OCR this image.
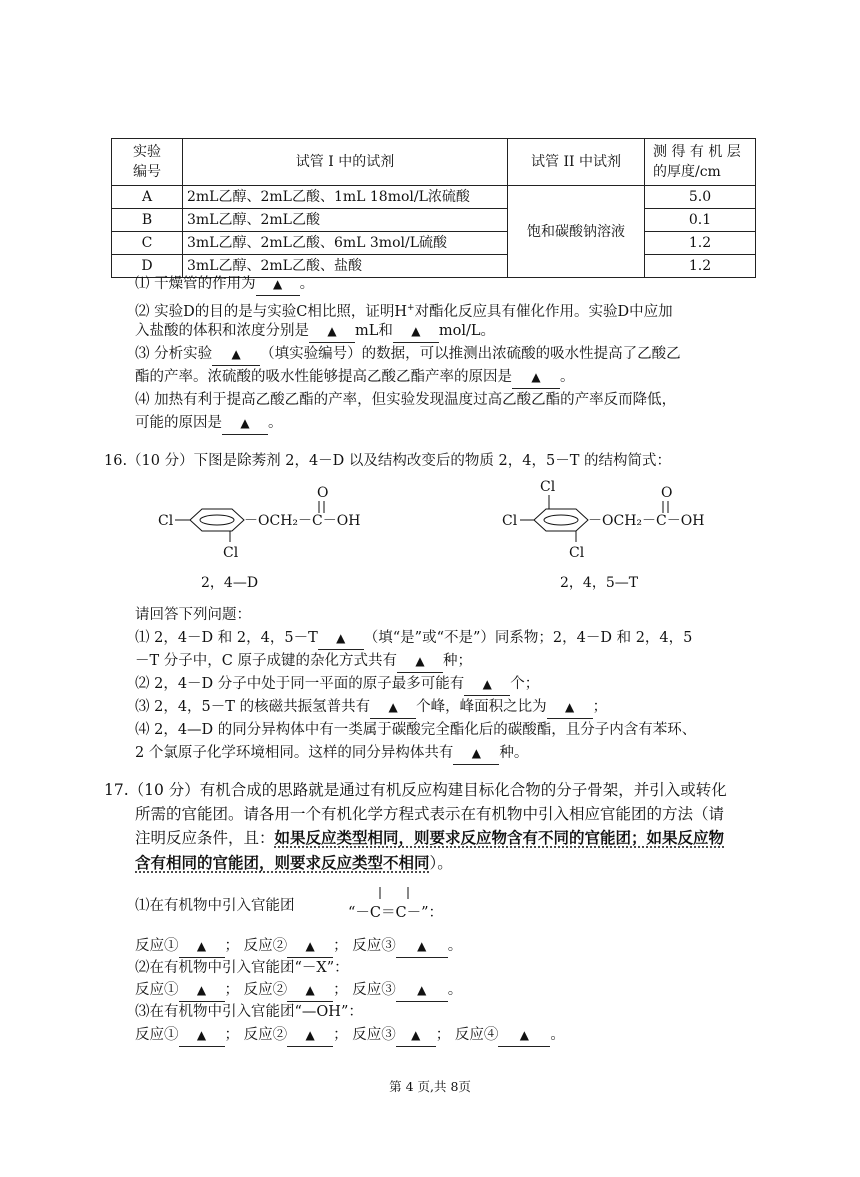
实验
编号	试管 I 中的试剂	试管 II 中试剂	测 得 有 机 层
的厚度/cm
A	2mL乙醇、2mL乙酸、1mL 18mol/L浓硫酸	饱和碳酸钠溶液	5.0
B	3mL乙醇、2mL乙酸		0.1
C	3mL乙醇、2mL乙酸、6mL 3mol/L硫酸		1.2
D	3mL乙醇、2mL乙酸、盐酸		1.2
⑴ 干燥管的作用为 ▲ 。
⑵ 实验D的目的是与实验C相比照，证明H+对酯化反应具有催化作用。实验D中应加
入盐酸的体积和浓度分别是 ▲ mL和 ▲ mol/L。
⑶ 分析实验 ▲ （填实验编号）的数据，可以推测出浓硫酸的吸水性提高了乙酸乙
酯的产率。浓硫酸的吸水性能够提高乙酸乙酯产率的原因是 ▲ 。
⑷ 加热有利于提高乙酸乙酯的产率，但实验发现温度过高乙酸乙酯的产率反而降低，
可能的原因是 ▲ 。
16.（10 分）下图是除莠剂 2，4－D 以及结构改变后的物质 2，4，5－T 的结构简式：
Cl
Cl
－OCH₂－C－OH
O
2，4—D
Cl
Cl
Cl
－OCH₂－C－OH
O
2，4，5—T
请回答下列问题：
⑴ 2，4－D 和 2，4，5－T ▲ （填“是”或“不是”）同系物；2，4－D 和 2，4，5
－T 分子中，C 原子成键的杂化方式共有 ▲ 种；
⑵ 2，4－D 分子中处于同一平面的原子最多可能有 ▲ 个；
⑶ 2，4，5－T 的核磁共振氢普共有 ▲ 个峰，峰面积之比为 ▲ ；
⑷ 2，4—D 的同分异构体中有一类属于碳酸完全酯化后的碳酸酯，且分子内含有苯环、
2 个氯原子化学环境相同。这样的同分异构体共有 ▲ 种。
17.（10 分）有机合成的思路就是通过有机反应构建目标化合物的分子骨架，并引入或转化
所需的官能团。请各用一个有机化学方程式表示在有机物中引入相应官能团的方法（请
注明反应条件，且：如果反应类型相同，则要求反应物含有不同的官能团；如果反应物
含有相同的官能团，则要求反应类型不相同）。
⑴在有机物中引入官能团	“－C＝C－”：
反应① ▲ ； 反应② ▲ ； 反应③ ▲ 。
⑵在有机物中引入官能团“－X”：
反应① ▲ ； 反应② ▲ ； 反应③ ▲ 。
⑶在有机物中引入官能团“—OH”：
反应① ▲ ； 反应② ▲ ； 反应③ ▲ ； 反应④ ▲ 。
第 4 页,共 8页
